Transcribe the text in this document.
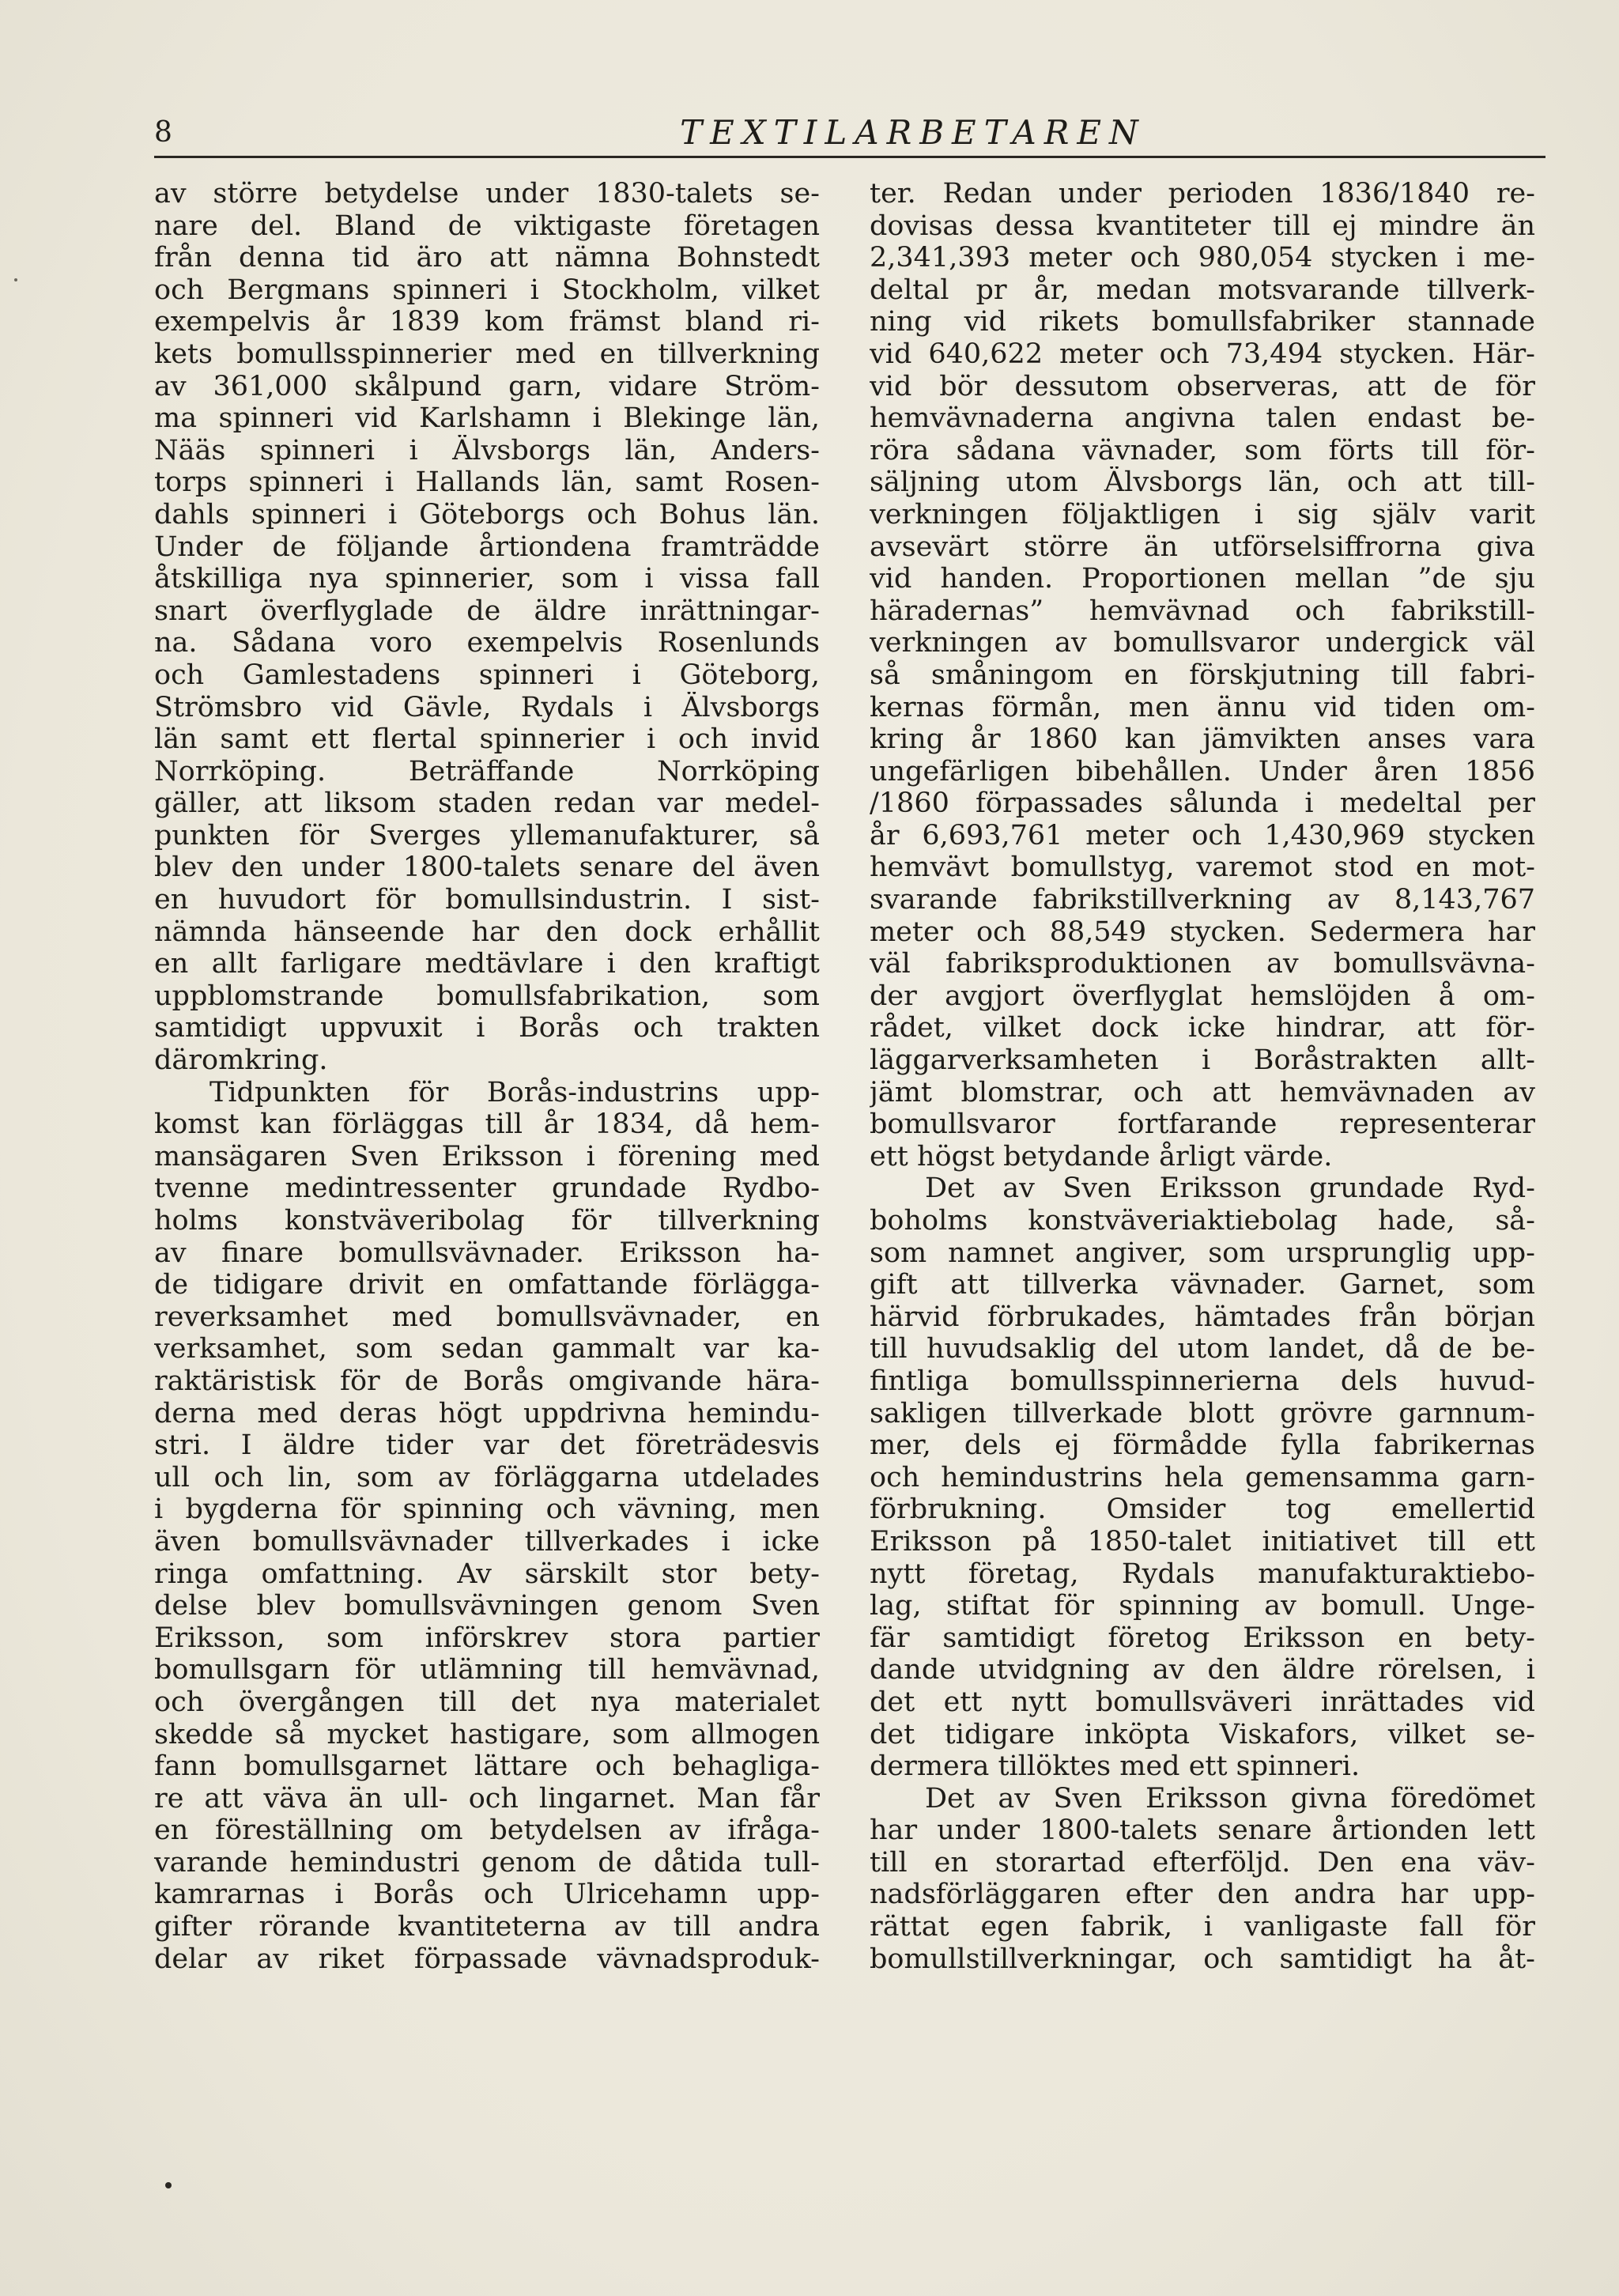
8	TEXTILARBETAREN
av större betydelse under 1830-talets se-
nare del. Bland de viktigaste företagen
från denna tid äro att nämna Bohnstedt
och Bergmans spinneri i Stockholm, vilket
exempelvis år 1839 kom främst bland ri-
kets bomullsspinnerier med en tillverkning
av 361,000 skålpund garn, vidare Ström-
ma spinneri vid Karlshamn i Blekinge län,
Nääs spinneri i Älvsborgs län, Anders-
torps spinneri i Hallands län, samt Rosen-
dahls spinneri i Göteborgs och Bohus län.
Under de följande årtiondena framträdde
åtskilliga nya spinnerier, som i vissa fall
snart överflyglade de äldre inrättningar-
na. Sådana voro exempelvis Rosenlunds
och Gamlestadens spinneri i Göteborg,
Strömsbro vid Gävle, Rydals i Älvsborgs
län samt ett flertal spinnerier i och invid
Norrköping. Beträffande Norrköping
gäller, att liksom staden redan var medel-
punkten för Sverges yllemanufakturer, så
blev den under 1800-talets senare del även
en huvudort för bomullsindustrin. I sist-
nämnda hänseende har den dock erhållit
en allt farligare medtävlare i den kraftigt
uppblomstrande bomullsfabrikation, som
samtidigt uppvuxit i Borås och trakten
däromkring.
Tidpunkten för Borås-industrins upp-
komst kan förläggas till år 1834, då hem-
mansägaren Sven Eriksson i förening med
tvenne medintressenter grundade Rydbo-
holms konstväveribolag för tillverkning
av finare bomullsvävnader. Eriksson ha-
de tidigare drivit en omfattande förlägga-
reverksamhet med bomullsvävnader, en
verksamhet, som sedan gammalt var ka-
raktäristisk för de Borås omgivande härа-
derna med deras högt uppdrivna hemindu-
stri. I äldre tider var det företrädesvis
ull och lin, som av förläggarna utdelades
i bygderna för spinning och vävning, men
även bomullsvävnader tillverkades i icke
ringa omfattning. Av särskilt stor bety-
delse blev bomullsvävningen genom Sven
Eriksson, som införskrev stora partier
bomullsgarn för utlämning till hemvävnad,
och övergången till det nya materialet
skedde så mycket hastigare, som allmogen
fann bomullsgarnet lättare och behagliga-
re att väva än ull- och lingarnet. Man får
en föreställning om betydelsen av ifråga-
varande hemindustri genom de dåtida tull-
kamrarnas i Borås och Ulricehamn upp-
gifter rörande kvantiteterna av till andra
delar av riket förpassade vävnadsproduk-
ter. Redan under perioden 1836/1840 re-
dovisas dessa kvantiteter till ej mindre än
2,341,393 meter och 980,054 stycken i me-
deltal pr år, medan motsvarande tillverk-
ning vid rikets bomullsfabriker stannade
vid 640,622 meter och 73,494 stycken. Här-
vid bör dessutom observeras, att de för
hemvävnaderna angivna talen endast be-
röra sådana vävnader, som förts till för-
säljning utom Älvsborgs län, och att till-
verkningen följaktligen i sig själv varit
avsevärt större än utförselsiffrorna giva
vid handen. Proportionen mellan ”de sju
häradernas” hemvävnad och fabrikstill-
verkningen av bomullsvaror undergick väl
så småningom en förskjutning till fabri-
kernas förmån, men ännu vid tiden om-
kring år 1860 kan jämvikten anses vara
ungefärligen bibehållen. Under åren 1856
/1860 förpassades sålunda i medeltal per
år 6,693,761 meter och 1,430,969 stycken
hemvävt bomullstyg, varemot stod en mot-
svarande fabrikstillverkning av 8,143,767
meter och 88,549 stycken. Sedermera har
väl fabriksproduktionen av bomullsvävna-
der avgjort överflyglat hemslöjden å om-
rådet, vilket dock icke hindrar, att för-
läggarverksamheten i Boråstrakten allt-
jämt blomstrar, och att hemvävnaden av
bomullsvaror fortfarande representerar
ett högst betydande årligt värde.
Det av Sven Eriksson grundade Ryd-
boholms konstväveriaktiebolag hade, så-
som namnet angiver, som ursprunglig upp-
gift att tillverka vävnader. Garnet, som
härvid förbrukades, hämtades från början
till huvudsaklig del utom landet, då de be-
fintliga bomullsspinnerierna dels huvud-
sakligen tillverkade blott grövre garnnum-
mer, dels ej förmådde fylla fabrikernas
och hemindustrins hela gemensamma garn-
förbrukning. Omsider tog emellertid
Eriksson på 1850-talet initiativet till ett
nytt företag, Rydals manufakturaktiebo-
lag, stiftat för spinning av bomull. Unge-
fär samtidigt företog Eriksson en bety-
dande utvidgning av den äldre rörelsen, i
det ett nytt bomullsväveri inrättades vid
det tidigare inköpta Viskafors, vilket se-
dermera tillöktes med ett spinneri.
Det av Sven Eriksson givna föredömet
har under 1800-talets senare årtionden lett
till en storartad efterföljd. Den ena väv-
nadsförläggaren efter den andra har upp-
rättat egen fabrik, i vanligaste fall för
bomullstillverkningar, och samtidigt ha åt-
